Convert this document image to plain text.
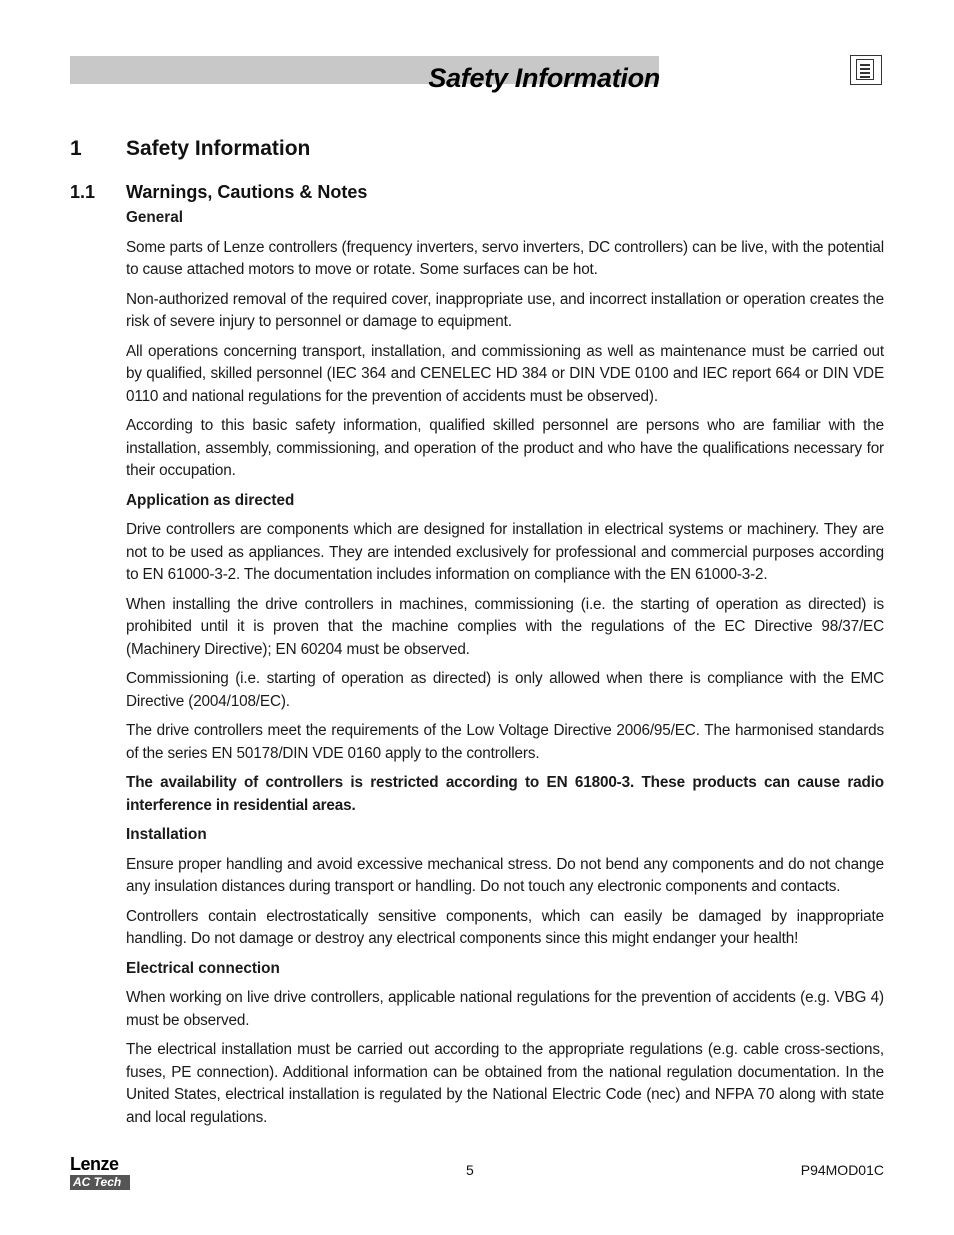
Safety Information
1 Safety Information
1.1 Warnings, Cautions & Notes
General

Some parts of Lenze controllers (frequency inverters, servo inverters, DC controllers) can be live, with the potential to cause attached motors to move or rotate. Some surfaces can be hot.

Non-authorized removal of the required cover, inappropriate use, and incorrect installation or operation creates the risk of severe injury to personnel or damage to equipment.

All operations concerning transport, installation, and commissioning as well as maintenance must be carried out by qualified, skilled personnel (IEC 364 and CENELEC HD 384 or DIN VDE 0100 and IEC report 664 or DIN VDE 0110 and national regulations for the prevention of accidents must be observed).

According to this basic safety information, qualified skilled personnel are persons who are familiar with the installation, assembly, commissioning, and operation of the product and who have the qualifications necessary for their occupation.

Application as directed

Drive controllers are components which are designed for installation in electrical systems or machinery. They are not to be used as appliances. They are intended exclusively for professional and commercial purposes according to EN 61000-3-2. The documentation includes information on compliance with the EN 61000-3-2.

When installing the drive controllers in machines, commissioning (i.e. the starting of operation as directed) is prohibited until it is proven that the machine complies with the regulations of the EC Directive 98/37/EC (Machinery Directive); EN 60204 must be observed.

Commissioning (i.e. starting of operation as directed) is only allowed when there is compliance with the EMC Directive (2004/108/EC).

The drive controllers meet the requirements of the Low Voltage Directive 2006/95/EC. The harmonised standards of the series EN 50178/DIN VDE 0160 apply to the controllers.

The availability of controllers is restricted according to EN 61800-3. These products can cause radio interference in residential areas.

Installation

Ensure proper handling and avoid excessive mechanical stress. Do not bend any components and do not change any insulation distances during transport or handling. Do not touch any electronic components and contacts.

Controllers contain electrostatically sensitive components, which can easily be damaged by inappropriate handling. Do not damage or destroy any electrical components since this might endanger your health!

Electrical connection

When working on live drive controllers, applicable national regulations for the prevention of accidents (e.g. VBG 4) must be observed.

The electrical installation must be carried out according to the appropriate regulations (e.g. cable cross-sections, fuses, PE connection). Additional information can be obtained from the national regulation documentation. In the United States, electrical installation is regulated by the National Electric Code (nec) and NFPA 70 along with state and local regulations.

Lenze
AC Tech
5	P94MOD01C
